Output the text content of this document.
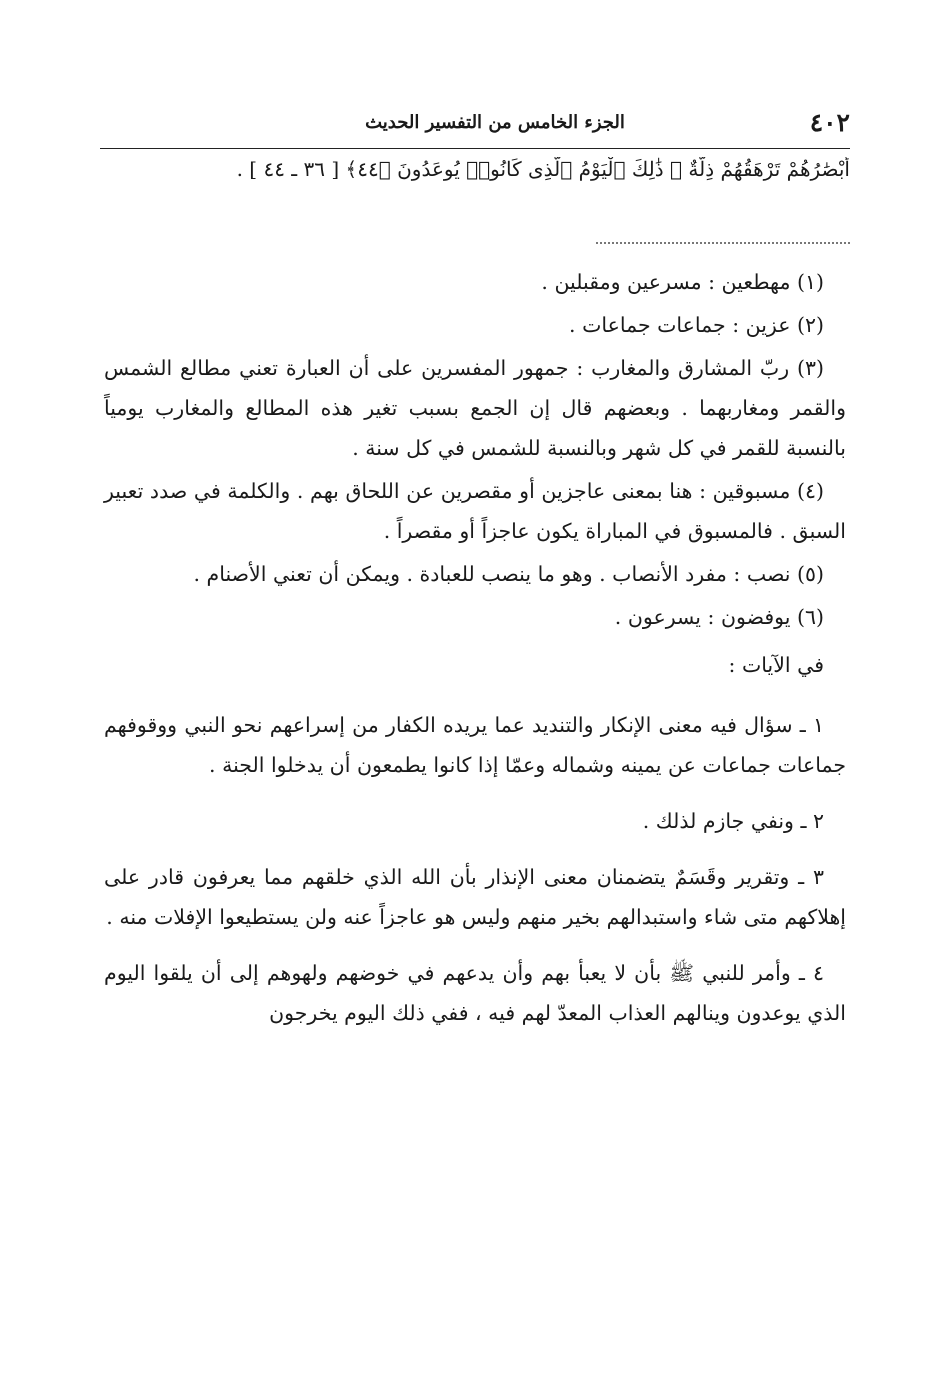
٤٠٢
الجزء الخامس من التفسير الحديث
أَبْصَٰرُهُمْ تَرْهَقُهُمْ ذِلَّةٌ ۚ ذَٰلِكَ ٱلْيَوْمُ ٱلَّذِى كَانُوا۟ يُوعَدُونَ ﴿٤٤﴾ [ ٣٦ ـ ٤٤ ] .

(١) مهطعين : مسرعين ومقبلين .

(٢) عزين : جماعات جماعات .

(٣) ربّ المشارق والمغارب : جمهور المفسرين على أن العبارة تعني مطالع الشمس والقمر ومغاربهما . وبعضهم قال إن الجمع بسبب تغير هذه المطالع والمغارب يومياً بالنسبة للقمر في كل شهر وبالنسبة للشمس في كل سنة .

(٤) مسبوقين : هنا بمعنى عاجزين أو مقصرين عن اللحاق بهم . والكلمة في صدد تعبير السبق . فالمسبوق في المباراة يكون عاجزاً أو مقصراً .

(٥) نصب : مفرد الأنصاب . وهو ما ينصب للعبادة . ويمكن أن تعني الأصنام .

(٦) يوفضون : يسرعون .

في الآيات :

١ ـ سؤال فيه معنى الإنكار والتنديد عما يريده الكفار من إسراعهم نحو النبي ووقوفهم جماعات جماعات عن يمينه وشماله وعمّا إذا كانوا يطمعون أن يدخلوا الجنة .

٢ ـ ونفي جازم لذلك .

٣ ـ وتقرير وقَسَمٌ يتضمنان معنى الإنذار بأن الله الذي خلقهم مما يعرفون قادر على إهلاكهم متى شاء واستبدالهم بخير منهم وليس هو عاجزاً عنه ولن يستطيعوا الإفلات منه .

٤ ـ وأمر للنبي ﷺ بأن لا يعبأ بهم وأن يدعهم في خوضهم ولهوهم إلى أن يلقوا اليوم الذي يوعدون وينالهم العذاب المعدّ لهم فيه ، ففي ذلك اليوم يخرجون
